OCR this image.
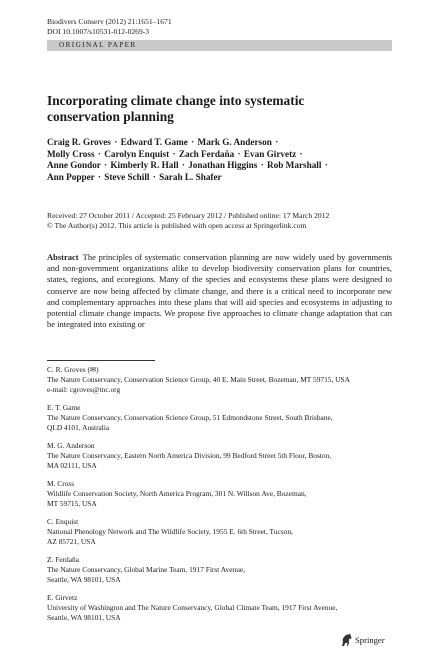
Biodivers Conserv (2012) 21:1651–1671
DOI 10.1007/s10531-012-0269-3
ORIGINAL PAPER
Incorporating climate change into systematic
conservation planning
Craig R. Groves · Edward T. Game · Mark G. Anderson ·
Molly Cross · Carolyn Enquist · Zach Ferdaña · Evan Girvetz ·
Anne Gondor · Kimberly R. Hall · Jonathan Higgins · Rob Marshall ·
Ann Popper · Steve Schill · Sarah L. Shafer
Received: 27 October 2011 / Accepted: 25 February 2012 / Published online: 17 March 2012
© The Author(s) 2012. This article is published with open access at Springerlink.com
Abstract The principles of systematic conservation planning are now widely used by governments and non-government organizations alike to develop biodiversity conservation plans for countries, states, regions, and ecoregions. Many of the species and ecosystems these plans were designed to conserve are now being affected by climate change, and there is a critical need to incorporate new and complementary approaches into these plans that will aid species and ecosystems in adjusting to potential climate change impacts. We propose five approaches to climate change adaptation that can be integrated into existing or
C. R. Groves (✉)
The Nature Conservancy, Conservation Science Group, 40 E. Main Street, Bozeman, MT 59715, USA
e-mail: cgroves@tnc.org
E. T. Game
The Nature Conservancy, Conservation Science Group, 51 Edmondstone Street, South Brisbane,
QLD 4101, Australia
M. G. Anderson
The Nature Conservancy, Eastern North America Division, 99 Bedford Street 5th Floor, Boston,
MA 02111, USA
M. Cross
Wildlife Conservation Society, North America Program, 301 N. Willson Ave, Bozeman,
MT 59715, USA
C. Enquist
National Phenology Network and The Wildlife Society, 1955 E. 6th Street, Tucson,
AZ 85721, USA
Z. Ferdaña
The Nature Conservancy, Global Marine Team, 1917 First Avenue,
Seattle, WA 98101, USA
E. Girvetz
University of Washington and The Nature Conservancy, Global Climate Team, 1917 First Avenue,
Seattle, WA 98101, USA
Springer
